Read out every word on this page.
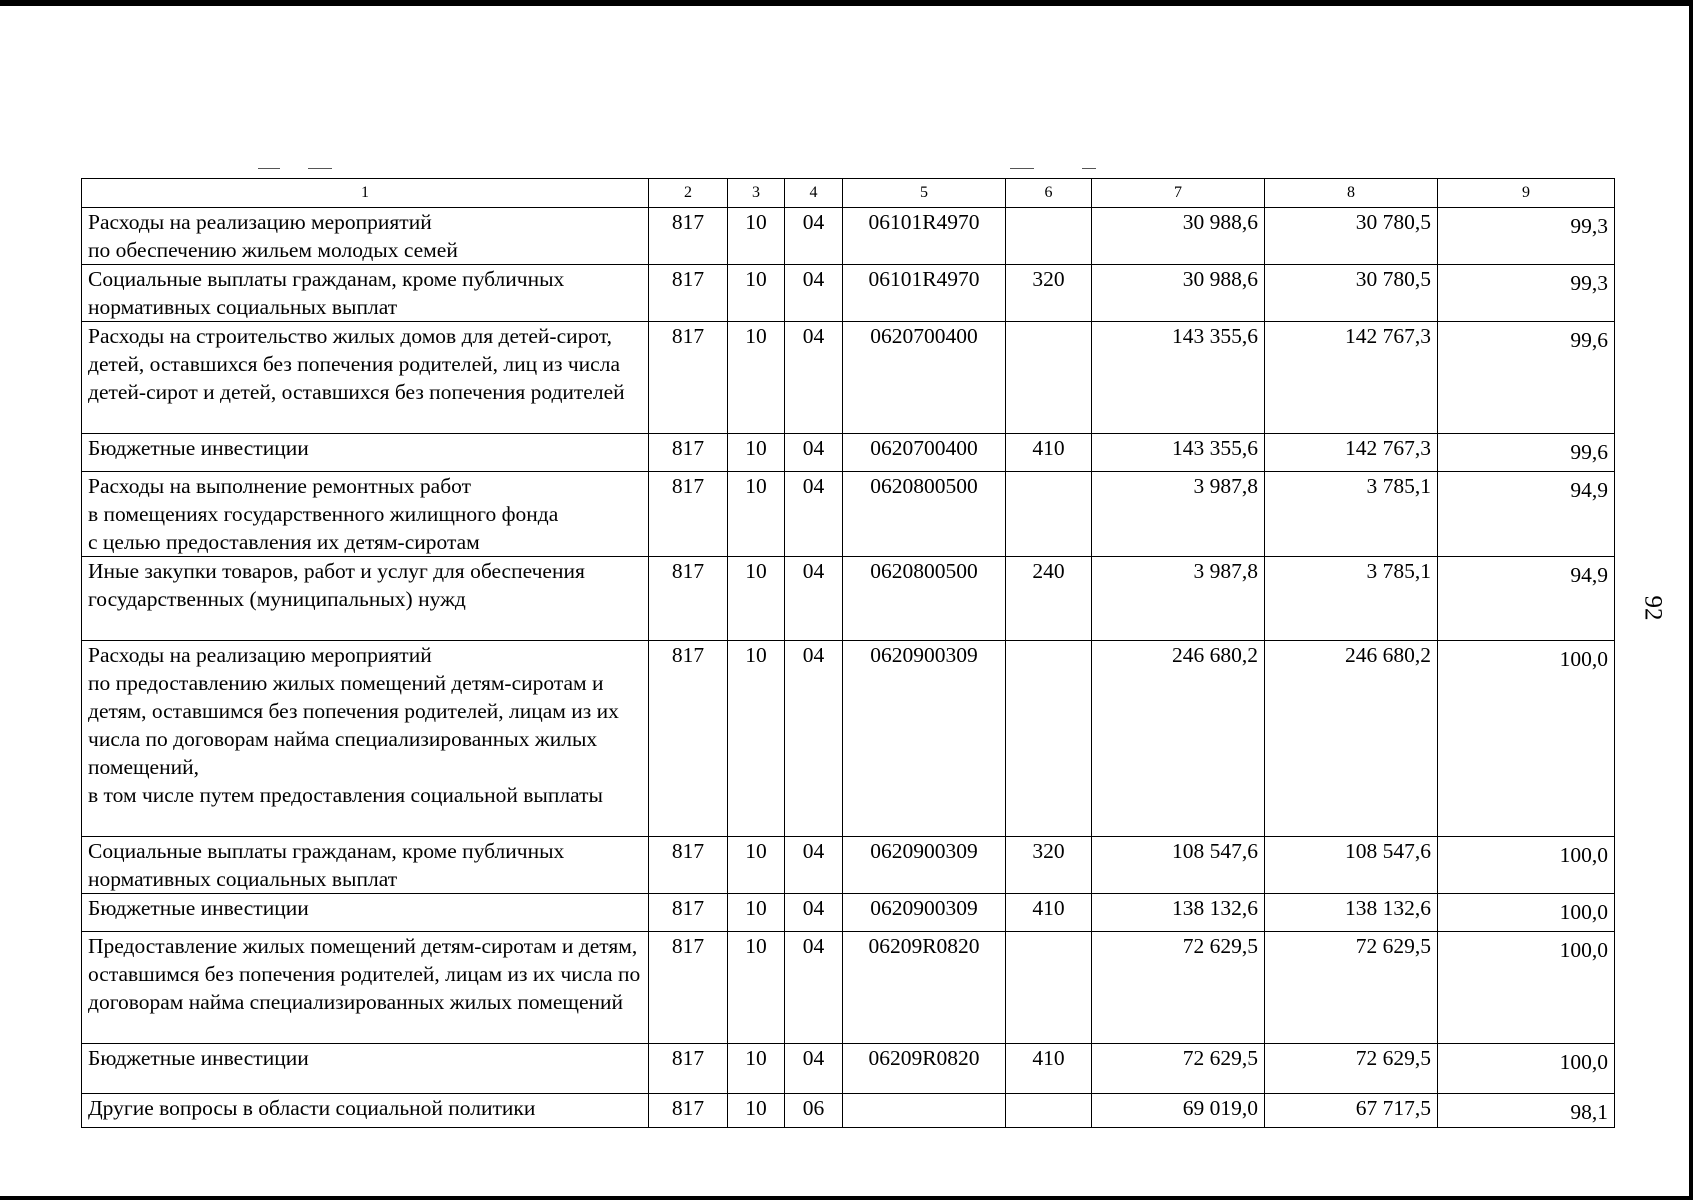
92
1	2	3	4	5	6	7	8	9
Расходы на реализацию мероприятий
по обеспечению жильем молодых семей	817	10	04	06101R4970		30 988,6	30 780,5	99,3
Социальные выплаты гражданам, кроме публичных нормативных социальных выплат	817	10	04	06101R4970	320	30 988,6	30 780,5	99,3
Расходы на строительство жилых домов для детей-сирот, детей, оставшихся без попечения родителей, лиц из числа детей-сирот и детей, оставшихся без попечения родителей	817	10	04	0620700400		143 355,6	142 767,3	99,6
Бюджетные инвестиции	817	10	04	0620700400	410	143 355,6	142 767,3	99,6
Расходы на выполнение ремонтных работ
в помещениях государственного жилищного фонда
с целью предоставления их детям-сиротам	817	10	04	0620800500		3 987,8	3 785,1	94,9
Иные закупки товаров, работ и услуг для обеспечения государственных (муниципальных) нужд	817	10	04	0620800500	240	3 987,8	3 785,1	94,9
Расходы на реализацию мероприятий
по предоставлению жилых помещений детям-сиротам и детям, оставшимся без попечения родителей, лицам из их числа по договорам найма специализированных жилых помещений,
в том числе путем предоставления социальной выплаты	817	10	04	0620900309		246 680,2	246 680,2	100,0
Социальные выплаты гражданам, кроме публичных нормативных социальных выплат	817	10	04	0620900309	320	108 547,6	108 547,6	100,0
Бюджетные инвестиции	817	10	04	0620900309	410	138 132,6	138 132,6	100,0
Предоставление жилых помещений детям-сиротам и детям, оставшимся без попечения родителей, лицам из их числа по договорам найма специализированных жилых помещений	817	10	04	06209R0820		72 629,5	72 629,5	100,0
Бюджетные инвестиции	817	10	04	06209R0820	410	72 629,5	72 629,5	100,0
Другие вопросы в области социальной политики	817	10	06			69 019,0	67 717,5	98,1
